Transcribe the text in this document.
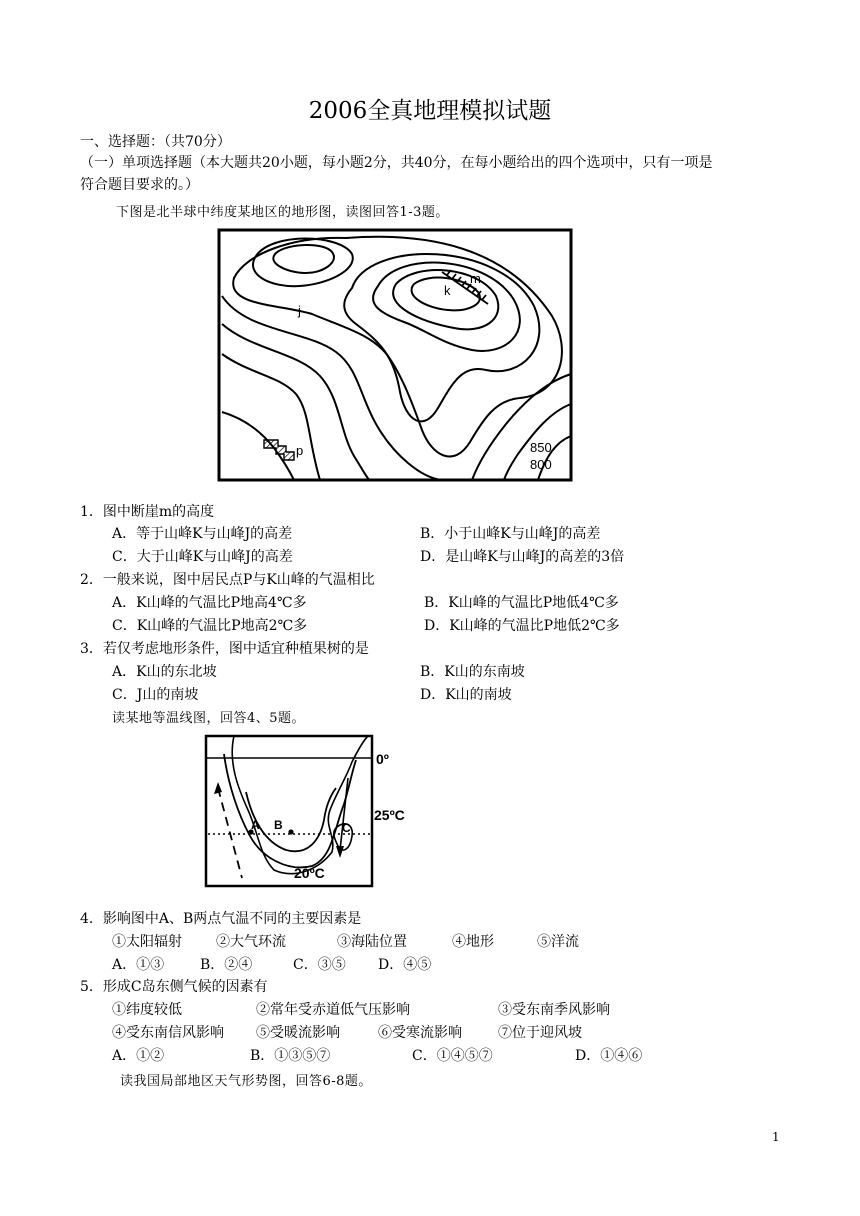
2006全真地理模拟试题
一、选择题：（共70分）
（一）单项选择题（本大题共20小题，每小题2分，共40分，在每小题给出的四个选项中，只有一项是
符合题目要求的。）
下图是北半球中纬度某地区的地形图，读图回答1-3题。
j
k
m
p	850
800
1．图中断崖m的高度
A．等于山峰K与山峰J的高差	B．小于山峰K与山峰J的高差
C．大于山峰K与山峰J的高差	D．是山峰K与山峰J的高差的3倍
2．一般来说，图中居民点P与K山峰的气温相比
A．K山峰的气温比P地高4℃多	B．K山峰的气温比P地低4℃多
C．K山峰的气温比P地高2℃多	D．K山峰的气温比P地低2℃多
3．若仅考虑地形条件，图中适宜种植果树的是
A．K山的东北坡	B．K山的东南坡
C．J山的南坡	D．K山的南坡
读某地等温线图，回答4、5题。
A B	C
0º
25ºC
20ºC
4．影响图中A、B两点气温不同的主要因素是
①太阳辐射 ②大气环流	③海陆位置	④地形	⑤洋流
A．①③	B．②④	C．③⑤ D．④⑤
5．形成C岛东侧气候的因素有
①纬度较低	②常年受赤道低气压影响	③受东南季风影响
④受东南信风影响 ⑤受暖流影响	⑥受寒流影响	⑦位于迎风坡
A．①②	B．①③⑤⑦	C．①④⑤⑦	D．①④⑥
读我国局部地区天气形势图，回答6-8题。
1
